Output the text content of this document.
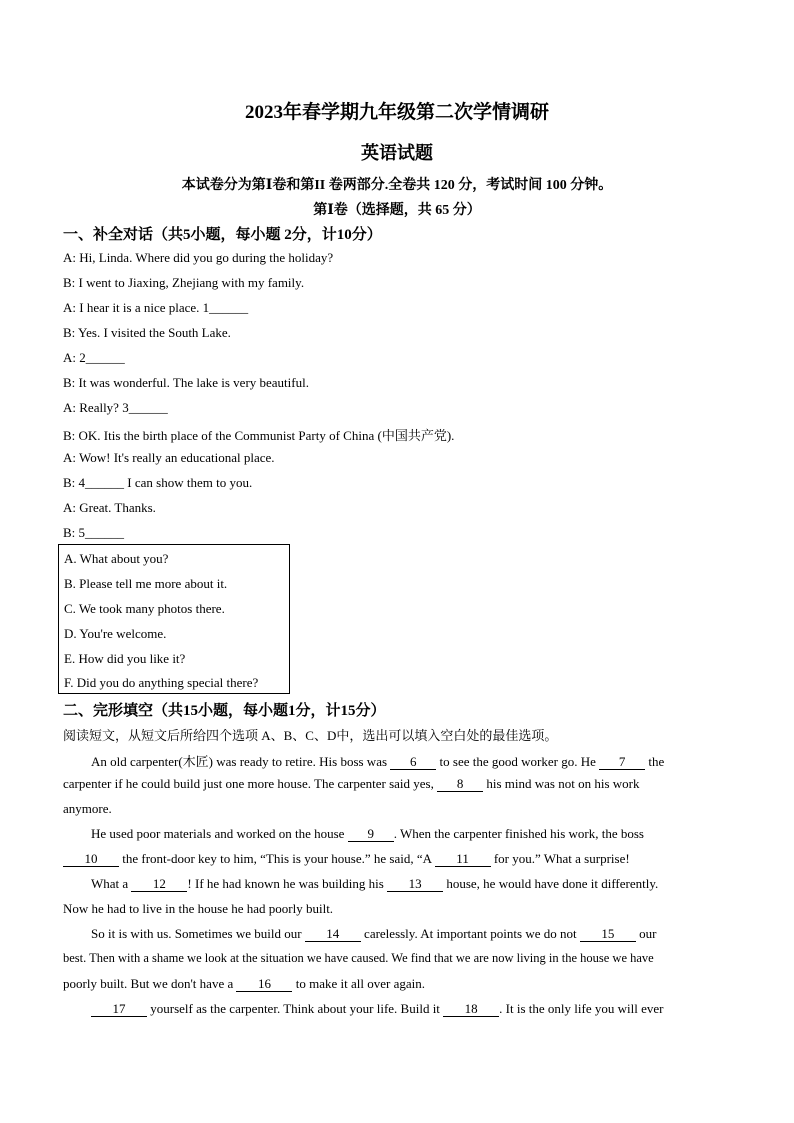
2023年春学期九年级第二次学情调研
英语试题
本试卷分为第Ⅰ卷和第II 卷两部分.全卷共 120 分，考试时间 100 分钟。
第Ⅰ卷（选择题，共 65 分）
一、补全对话（共5小题，每小题 2分，计10分）
A: Hi, Linda. Where did you go during the holiday?
B: I went to Jiaxing, Zhejiang with my family.
A: I hear it is a nice place. 1______
B: Yes. I visited the South Lake.
A: 2______
B: It was wonderful. The lake is very beautiful.
A: Really? 3______
B: OK. Itis the birth place of the Communist Party of China (中国共产党).
A: Wow! It's really an educational place.
B: 4______ I can show them to you.
A: Great. Thanks.
B: 5______
A. What about you?
B. Please tell me more about it.
C. We took many photos there.
D. You're welcome.
E. How did you like it?
F. Did you do anything special there?
二、完形填空（共15小题，每小题1分，计15分）
阅读短文，从短文后所给四个选项 A、B、C、D中，选出可以填入空白处的最佳选项。
An old carpenter(木匠) was ready to retire. His boss was 6 to see the good worker go. He 7 the
carpenter if he could build just one more house. The carpenter said yes, 8 his mind was not on his work
anymore.
He used poor materials and worked on the house 9 . When the carpenter finished his work, the boss
10 the front-door key to him, “This is your house.” he said, “A 11 for you.” What a surprise!
What a 12 ! If he had known he was building his 13 house, he would have done it differently.
Now he had to live in the house he had poorly built.
So it is with us. Sometimes we build our 14 carelessly. At important points we do not 15 our
best. Then with a shame we look at the situation we have caused. We find that we are now living in the house we have
poorly built. But we don't have a 16 to make it all over again.
17 yourself as the carpenter. Think about your life. Build it 18 . It is the only life you will ever
